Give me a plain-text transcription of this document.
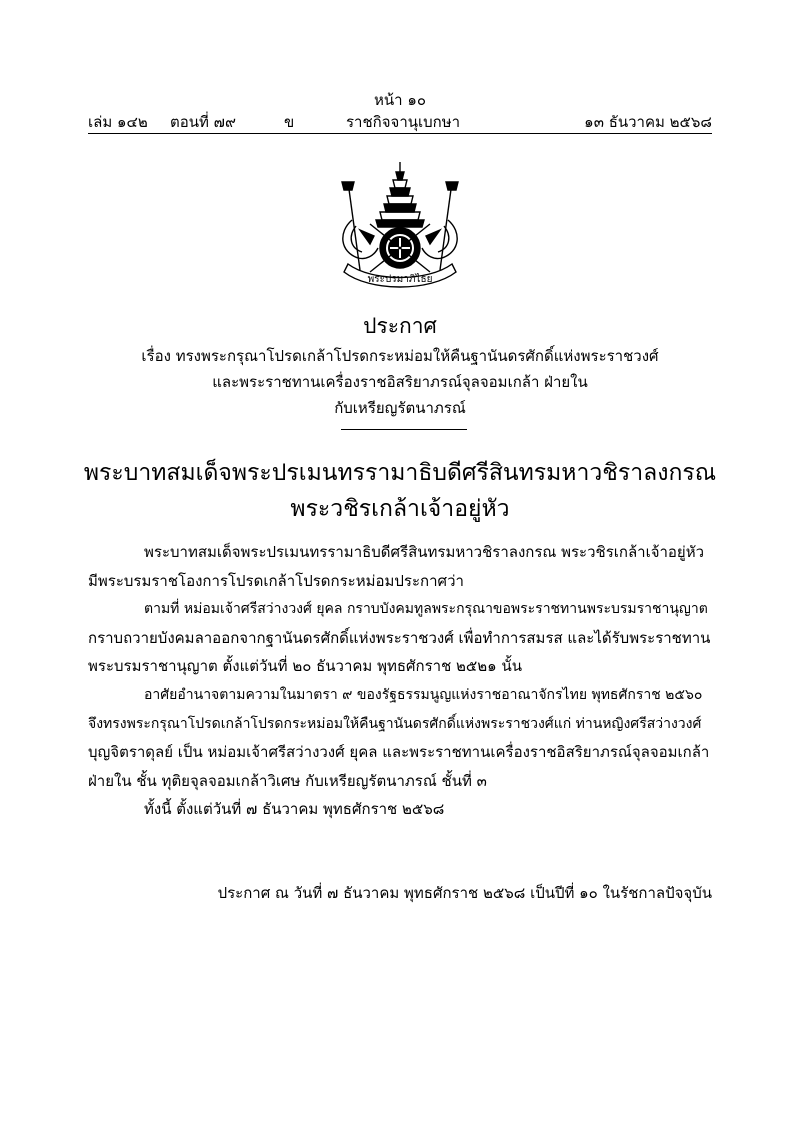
หน้า ๑๐
เล่ม ๑๔๒ ตอนที่ ๗๙	ข	ราชกิจจานุเบกษา	๑๓ ธันวาคม ๒๕๖๘
พระปรมาภิไธย
ประกาศ
เรื่อง ทรงพระกรุณาโปรดเกล้าโปรดกระหม่อมให้คืนฐานันดรศักดิ์แห่งพระราชวงศ์
และพระราชทานเครื่องราชอิสริยาภรณ์จุลจอมเกล้า ฝ่ายใน
กับเหรียญรัตนาภรณ์
พระบาทสมเด็จพระปรเมนทรรามาธิบดีศรีสินทรมหาวชิราลงกรณ
พระวชิรเกล้าเจ้าอยู่หัว
พระบาทสมเด็จพระปรเมนทรรามาธิบดีศรีสินทรมหาวชิราลงกรณ พระวชิรเกล้าเจ้าอยู่หัว
มีพระบรมราชโองการโปรดเกล้าโปรดกระหม่อมประกาศว่า
ตามที่ หม่อมเจ้าศรีสว่างวงศ์ ยุคล กราบบังคมทูลพระกรุณาขอพระราชทานพระบรมราชานุญาต
กราบถวายบังคมลาออกจากฐานันดรศักดิ์แห่งพระราชวงศ์ เพื่อทำการสมรส และได้รับพระราชทาน
พระบรมราชานุญาต ตั้งแต่วันที่ ๒๐ ธันวาคม พุทธศักราช ๒๕๒๑ นั้น
อาศัยอำนาจตามความในมาตรา ๙ ของรัฐธรรมนูญแห่งราชอาณาจักรไทย พุทธศักราช ๒๕๖๐
จึงทรงพระกรุณาโปรดเกล้าโปรดกระหม่อมให้คืนฐานันดรศักดิ์แห่งพระราชวงศ์แก่ ท่านหญิงศรีสว่างวงศ์
บุญจิตราดุลย์ เป็น หม่อมเจ้าศรีสว่างวงศ์ ยุคล และพระราชทานเครื่องราชอิสริยาภรณ์จุลจอมเกล้า
ฝ่ายใน ชั้น ทุติยจุลจอมเกล้าวิเศษ กับเหรียญรัตนาภรณ์ ชั้นที่ ๓
ทั้งนี้ ตั้งแต่วันที่ ๗ ธันวาคม พุทธศักราช ๒๕๖๘
ประกาศ ณ วันที่ ๗ ธันวาคม พุทธศักราช ๒๕๖๘ เป็นปีที่ ๑๐ ในรัชกาลปัจจุบัน
